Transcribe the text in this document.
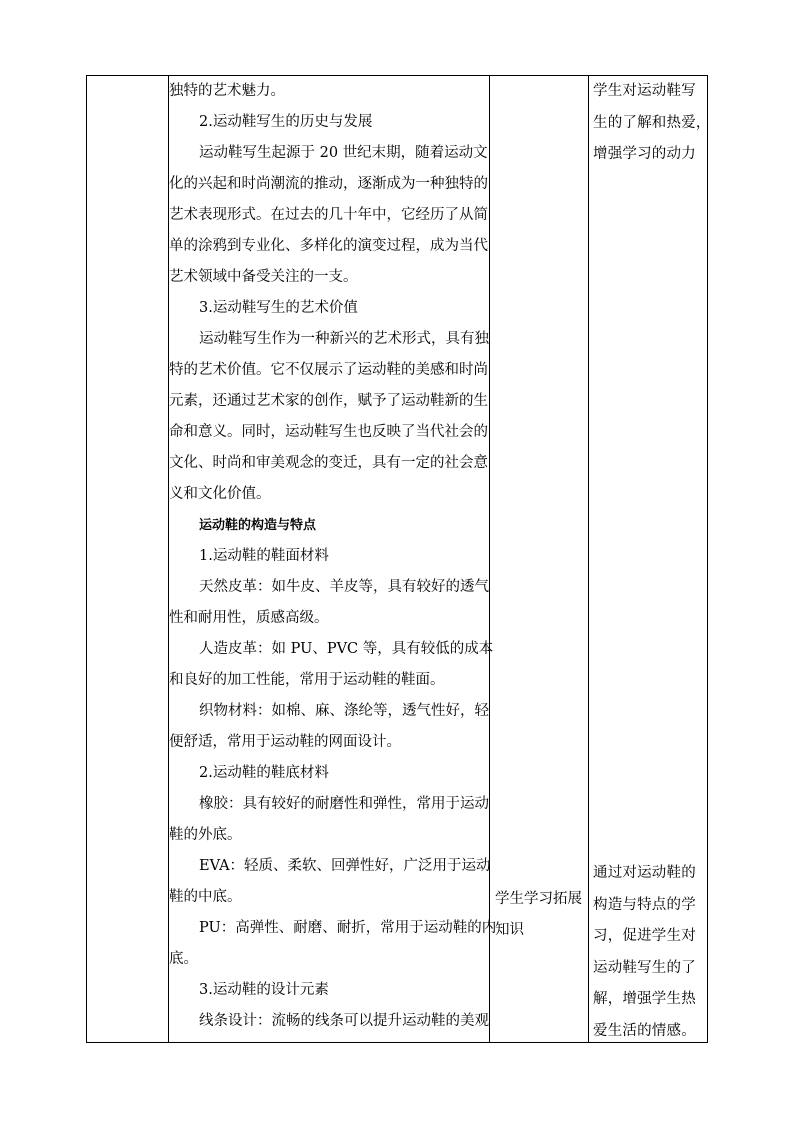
独特的艺术魅力。
2.运动鞋写生的历史与发展
运动鞋写生起源于 20 世纪末期，随着运动文
化的兴起和时尚潮流的推动，逐渐成为一种独特的
艺术表现形式。在过去的几十年中，它经历了从简
单的涂鸦到专业化、多样化的演变过程，成为当代
艺术领域中备受关注的一支。
3.运动鞋写生的艺术价值
运动鞋写生作为一种新兴的艺术形式，具有独
特的艺术价值。它不仅展示了运动鞋的美感和时尚
元素，还通过艺术家的创作，赋予了运动鞋新的生
命和意义。同时，运动鞋写生也反映了当代社会的
文化、时尚和审美观念的变迁，具有一定的社会意
义和文化价值。
运动鞋的构造与特点
1.运动鞋的鞋面材料
天然皮革：如牛皮、羊皮等，具有较好的透气
性和耐用性，质感高级。
人造皮革：如 PU、PVC 等，具有较低的成本
和良好的加工性能，常用于运动鞋的鞋面。
织物材料：如棉、麻、涤纶等，透气性好，轻
便舒适，常用于运动鞋的网面设计。
2.运动鞋的鞋底材料
橡胶：具有较好的耐磨性和弹性，常用于运动
鞋的外底。
EVA：轻质、柔软、回弹性好，广泛用于运动
鞋的中底。
PU：高弹性、耐磨、耐折，常用于运动鞋的内
底。
3.运动鞋的设计元素
线条设计：流畅的线条可以提升运动鞋的美观
学生学习拓展
知识
学生对运动鞋写
生的了解和热爱，
增强学习的动力
通过对运动鞋的
构造与特点的学
习，促进学生对
运动鞋写生的了
解，增强学生热
爱生活的情感。
